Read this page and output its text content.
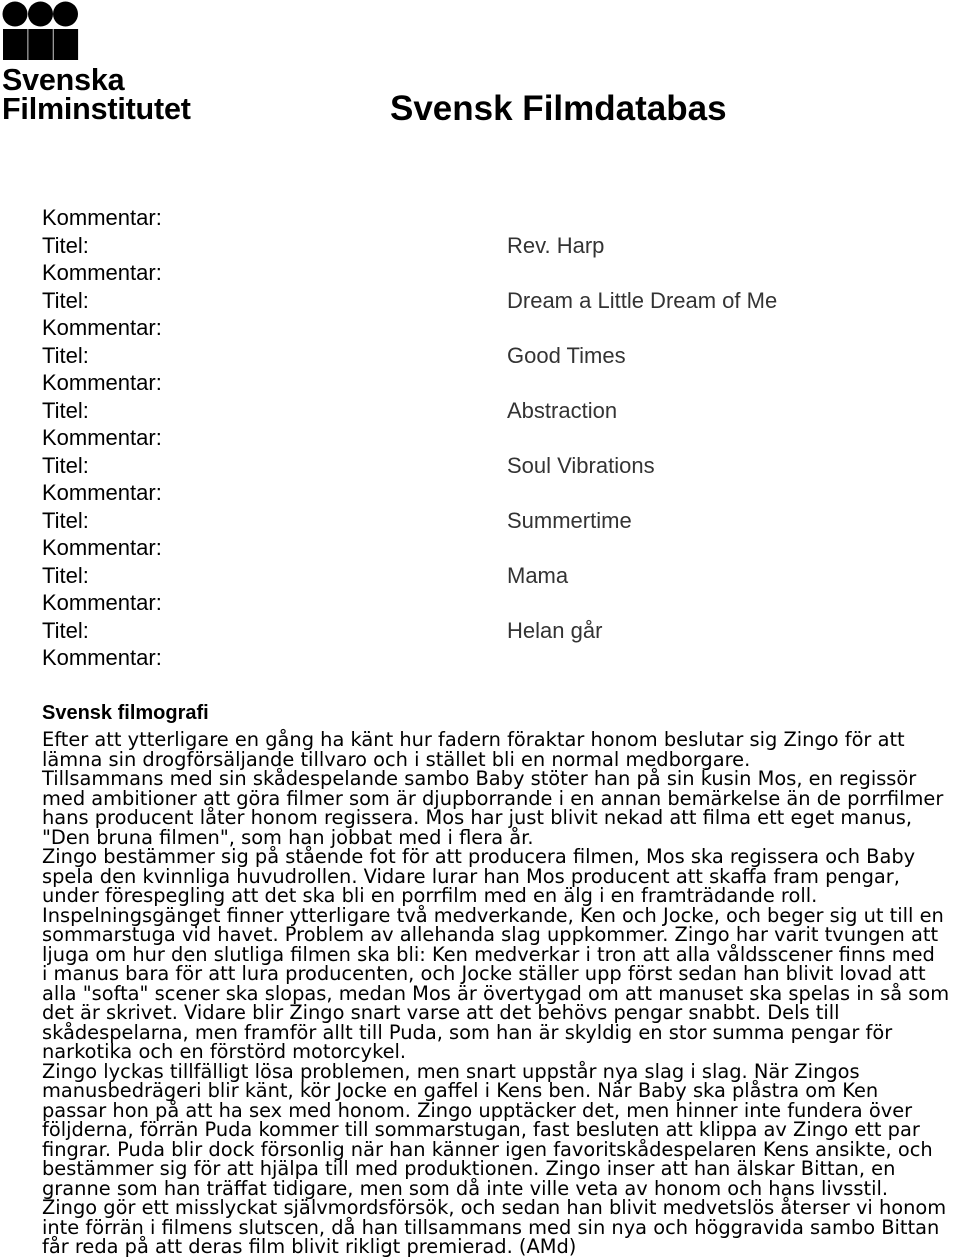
Svenska
Filminstitutet	Svensk Filmdatabas
Kommentar:
Titel:	Rev. Harp
Kommentar:
Titel:	Dream a Little Dream of Me
Kommentar:
Titel:	Good Times
Kommentar:
Titel:	Abstraction
Kommentar:
Titel:	Soul Vibrations
Kommentar:
Titel:	Summertime
Kommentar:
Titel:	Mama
Kommentar:
Titel:	Helan går
Kommentar:
Svensk filmografi
Efter att ytterligare en gång ha känt hur fadern föraktar honom beslutar sig Zingo för att
lämna sin drogförsäljande tillvaro och i stället bli en normal medborgare.
Tillsammans med sin skådespelande sambo Baby stöter han på sin kusin Mos, en regissör
med ambitioner att göra filmer som är djupborrande i en annan bemärkelse än de porrfilmer
hans producent låter honom regissera. Mos har just blivit nekad att filma ett eget manus,
"Den bruna filmen", som han jobbat med i flera år.
Zingo bestämmer sig på stående fot för att producera filmen, Mos ska regissera och Baby
spela den kvinnliga huvudrollen. Vidare lurar han Mos producent att skaffa fram pengar,
under förespegling att det ska bli en porrfilm med en älg i en framträdande roll.
Inspelningsgänget finner ytterligare två medverkande, Ken och Jocke, och beger sig ut till en
sommarstuga vid havet. Problem av allehanda slag uppkommer. Zingo har varit tvungen att
ljuga om hur den slutliga filmen ska bli: Ken medverkar i tron att alla våldsscener finns med
i manus bara för att lura producenten, och Jocke ställer upp först sedan han blivit lovad att
alla "softa" scener ska slopas, medan Mos är övertygad om att manuset ska spelas in så som
det är skrivet. Vidare blir Zingo snart varse att det behövs pengar snabbt. Dels till
skådespelarna, men framför allt till Puda, som han är skyldig en stor summa pengar för
narkotika och en förstörd motorcykel.
Zingo lyckas tillfälligt lösa problemen, men snart uppstår nya slag i slag. När Zingos
manusbedrägeri blir känt, kör Jocke en gaffel i Kens ben. När Baby ska plåstra om Ken
passar hon på att ha sex med honom. Zingo upptäcker det, men hinner inte fundera över
följderna, förrän Puda kommer till sommarstugan, fast besluten att klippa av Zingo ett par
fingrar. Puda blir dock försonlig när han känner igen favoritskådespelaren Kens ansikte, och
bestämmer sig för att hjälpa till med produktionen. Zingo inser att han älskar Bittan, en
granne som han träffat tidigare, men som då inte ville veta av honom och hans livsstil.
Zingo gör ett misslyckat självmordsförsök, och sedan han blivit medvetslös återser vi honom
inte förrän i filmens slutscen, då han tillsammans med sin nya och höggravida sambo Bittan
får reda på att deras film blivit rikligt premierad. (AMd)
